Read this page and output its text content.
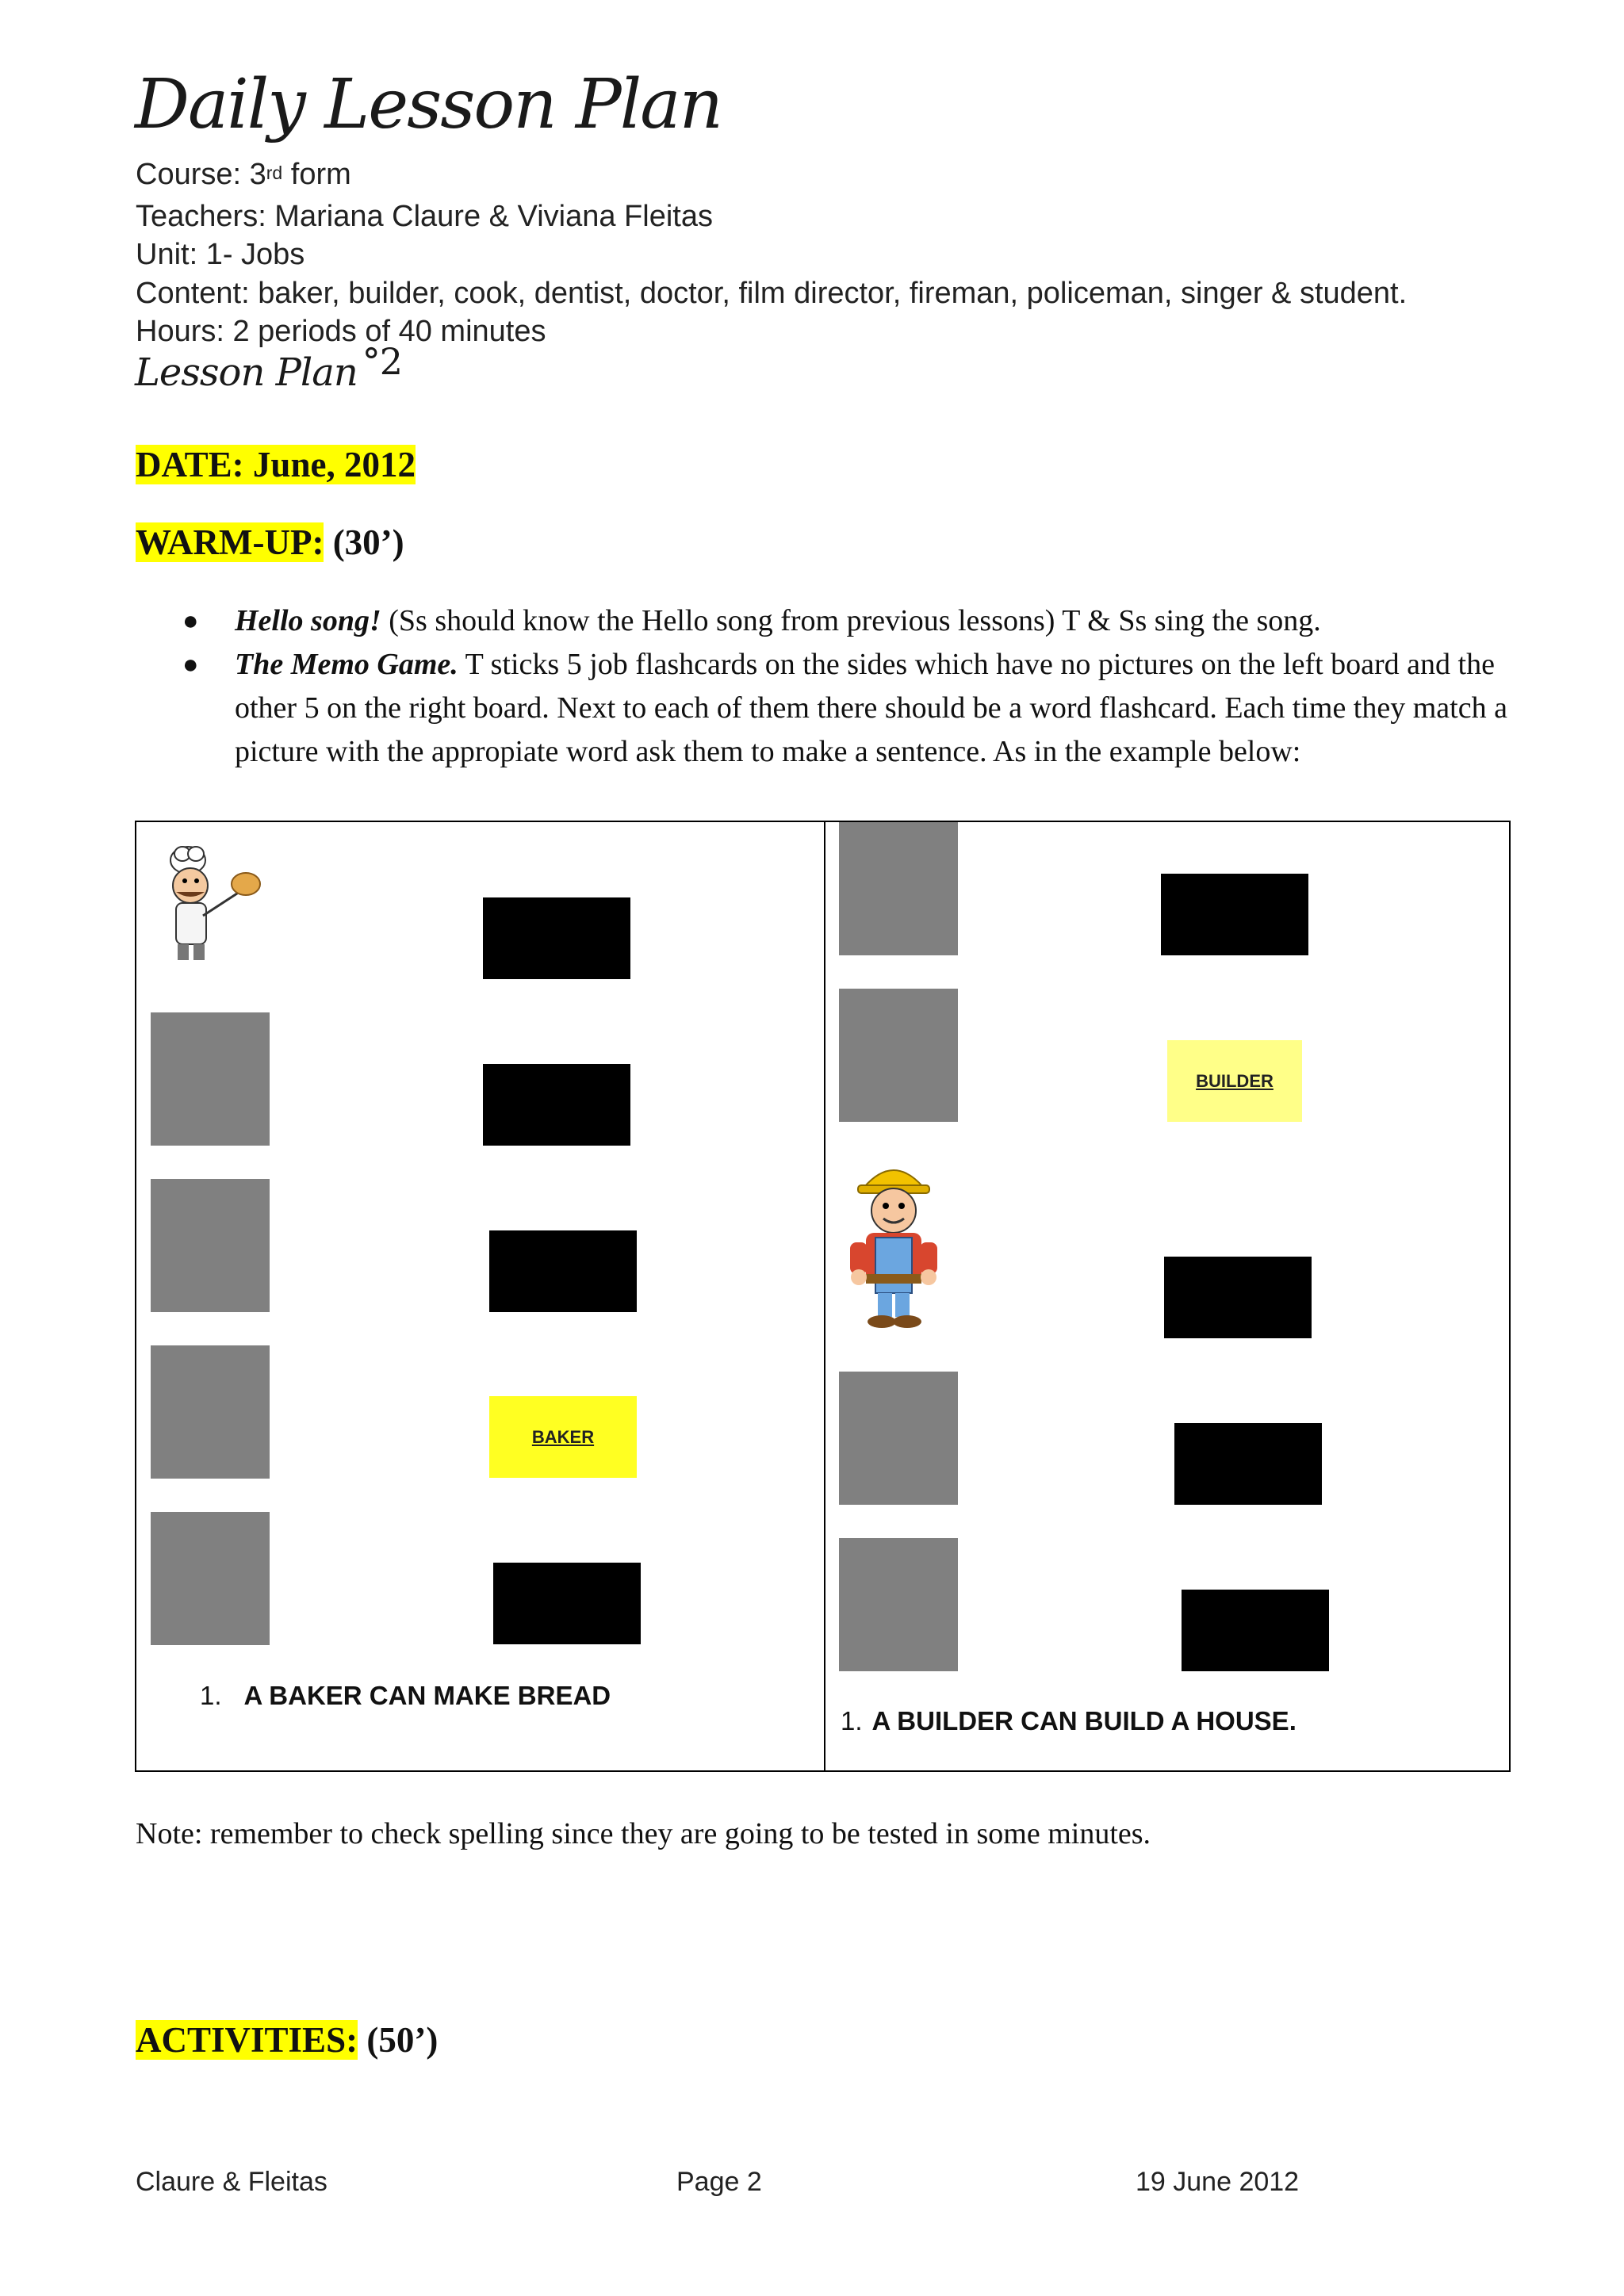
Daily Lesson Plan
Course: 3rd form
Teachers: Mariana Claure & Viviana Fleitas
Unit: 1- Jobs
Content: baker, builder, cook, dentist, doctor, film director, fireman, policeman, singer & student.
Hours: 2 periods of 40 minutes
Lesson Plan °2
DATE: June, 2012
WARM-UP: (30’)
● Hello song! (Ss should know the Hello song from previous lessons) T & Ss sing the song.
● The Memo Game. T sticks 5 job flashcards on the sides which have no pictures on the left board and the other 5 on the right board. Next to each of them there should be a word flashcard. Each time they match a picture with the appropiate word ask them to make a sentence. As in the example below:
BAKER
1. A BAKER CAN MAKE BREAD
BUILDER
1. A BUILDER CAN BUILD A HOUSE.
Note: remember to check spelling since they are going to be tested in some minutes.
ACTIVITIES: (50’)
Claure & Fleitas	Page 2	19 June 2012
